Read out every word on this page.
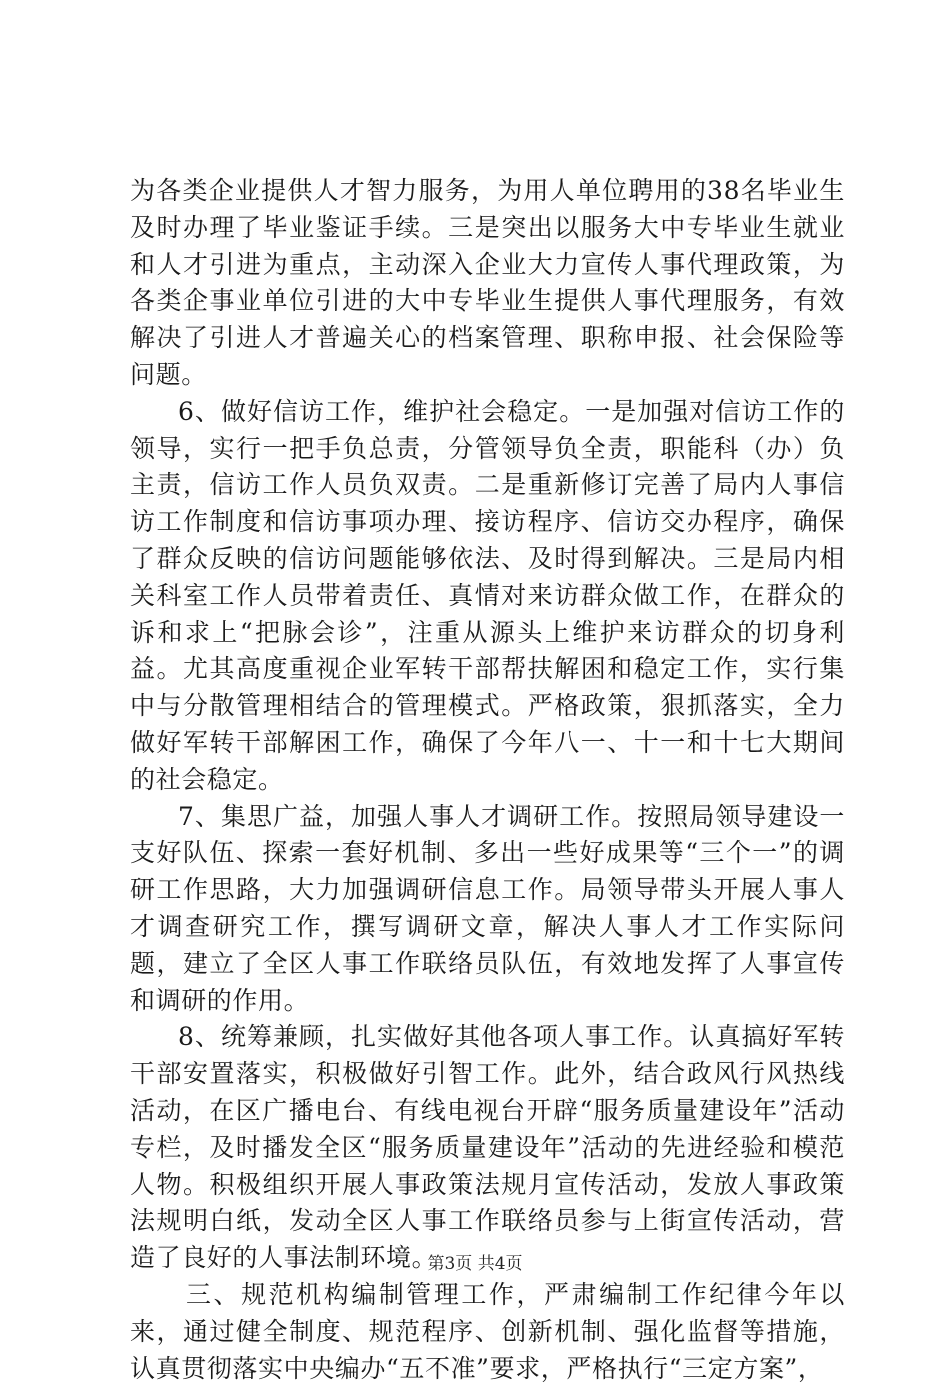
为各类企业提供人才智力服务，为用人单位聘用的38名毕业生及时办理了毕业鉴证手续。三是突出以服务大中专毕业生就业和人才引进为重点，主动深入企业大力宣传人事代理政策，为各类企事业单位引进的大中专毕业生提供人事代理服务，有效解决了引进人才普遍关心的档案管理、职称申报、社会保险等问题。

6、做好信访工作，维护社会稳定。一是加强对信访工作的领导，实行一把手负总责，分管领导负全责，职能科（办）负主责，信访工作人员负双责。二是重新修订完善了局内人事信访工作制度和信访事项办理、接访程序、信访交办程序，确保了群众反映的信访问题能够依法、及时得到解决。三是局内相关科室工作人员带着责任、真情对来访群众做工作，在群众的诉和求上“把脉会诊”，注重从源头上维护来访群众的切身利益。尤其高度重视企业军转干部帮扶解困和稳定工作，实行集中与分散管理相结合的管理模式。严格政策，狠抓落实，全力做好军转干部解困工作，确保了今年八一、十一和十七大期间的社会稳定。

7、集思广益，加强人事人才调研工作。按照局领导建设一支好队伍、探索一套好机制、多出一些好成果等“三个一”的调研工作思路，大力加强调研信息工作。局领导带头开展人事人才调查研究工作，撰写调研文章，解决人事人才工作实际问题，建立了全区人事工作联络员队伍，有效地发挥了人事宣传和调研的作用。

8、统筹兼顾，扎实做好其他各项人事工作。认真搞好军转干部安置落实，积极做好引智工作。此外，结合政风行风热线活动，在区广播电台、有线电视台开辟“服务质量建设年”活动专栏，及时播发全区“服务质量建设年”活动的先进经验和模范人物。积极组织开展人事政策法规月宣传活动，发放人事政策法规明白纸，发动全区人事工作联络员参与上街宣传活动，营造了良好的人事法制环境。

三、规范机构编制管理工作，严肃编制工作纪律今年以来，通过健全制度、规范程序、创新机制、强化监督等措施，认真贯彻落实中央编办“五不准”要求，严格执行“三定方案”，

第3页 共4页
